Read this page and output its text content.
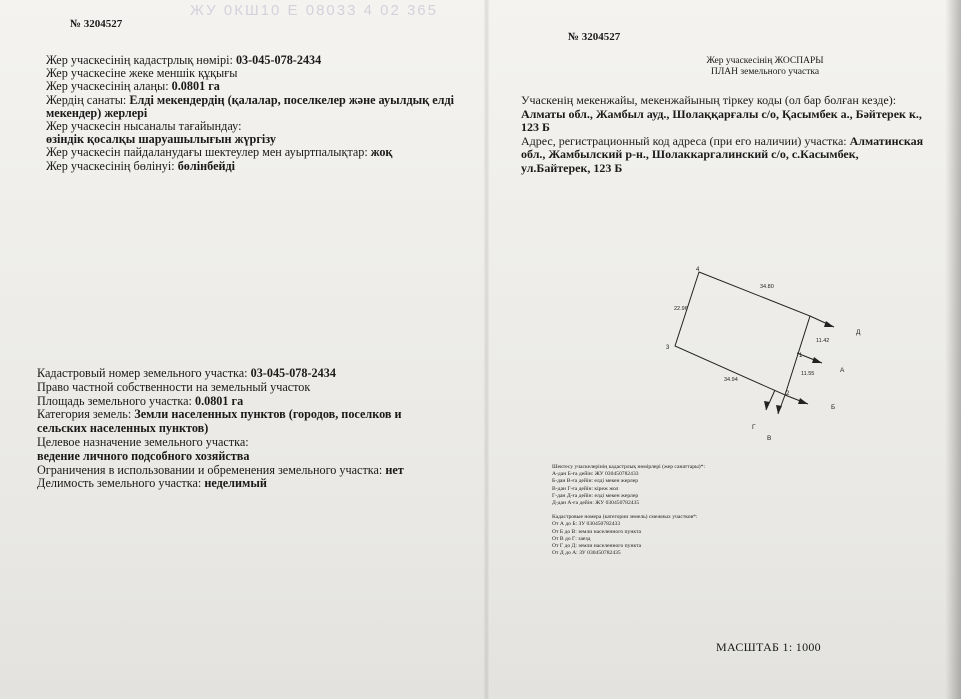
ЖУ 0КШ10 Е 08033 4 02 365
№ 3204527
№ 3204527
Жер учаскесінің кадастрлық нөмірі: 03-045-078-2434
Жер учаскесіне жеке меншік құқығы
Жер учаскесінің алаңы: 0.0801 га
Жердің санаты: Елді мекендердің (қалалар, поселкелер және ауылдық елді
мекендер) жерлері
Жер учаскесін нысаналы тағайындау:
өзіндік қосалқы шаруашылығын жүргізу
Жер учаскесін пайдаланудағы шектеулер мен ауыртпалықтар: жоқ
Жер учаскесінің бөлінуі: бөлінбейді
Кадастровый номер земельного участка: 03-045-078-2434
Право частной собственности на земельный участок
Площадь земельного участка: 0.0801 га
Категория земель: Земли населенных пунктов (городов, поселков и
сельских населенных пунктов)
Целевое назначение земельного участка:
ведение личного подсобного хозяйства
Ограничения в использовании и обременения земельного участка: нет
Делимость земельного участка: неделимый
Жер учаскесінің ЖОСПАРЫ
ПЛАН земельного участка
Учаскенің мекенжайы, мекенжайының тіркеу коды (ол бар болған кезде):
Алматы обл., Жамбыл ауд., Шолаққарғалы с/о, Қасымбек а., Бәйтерек к.,
123 Б
Адрес, регистрационный код адреса (при его наличии) участка: Алматинская
обл., Жамбылский р-н., Шолаккаргалинский с/о, с.Касымбек,
ул.Байтерек, 123 Б
4
3
2
1
34.80
22.96
11.42
11.55
34.94
Д
А
Б
Г
В
Шектесу учаскелерінің кадастрлық нөмірлері (жер санаттары)*:
А-дан Б-ға дейін: ЖУ 030450782433
Б-дан В-ға дейін: елді мекен жерлер
В-дан Г-ға дейін: кіреж жол
Г-дан Д-ға дейін: елді мекен жерлер
Д-дан А-ға дейін: ЖУ 030450782435
Кадастровые номера (категории земель) смежных участков*:
От А до Б: ЗУ 030450782433
От Б до В: земли населенного пункта
От В до Г: заезд
От Г до Д: земли населенного пункта
От Д до А: ЗУ 030450782435
МАСШТАБ 1: 1000
